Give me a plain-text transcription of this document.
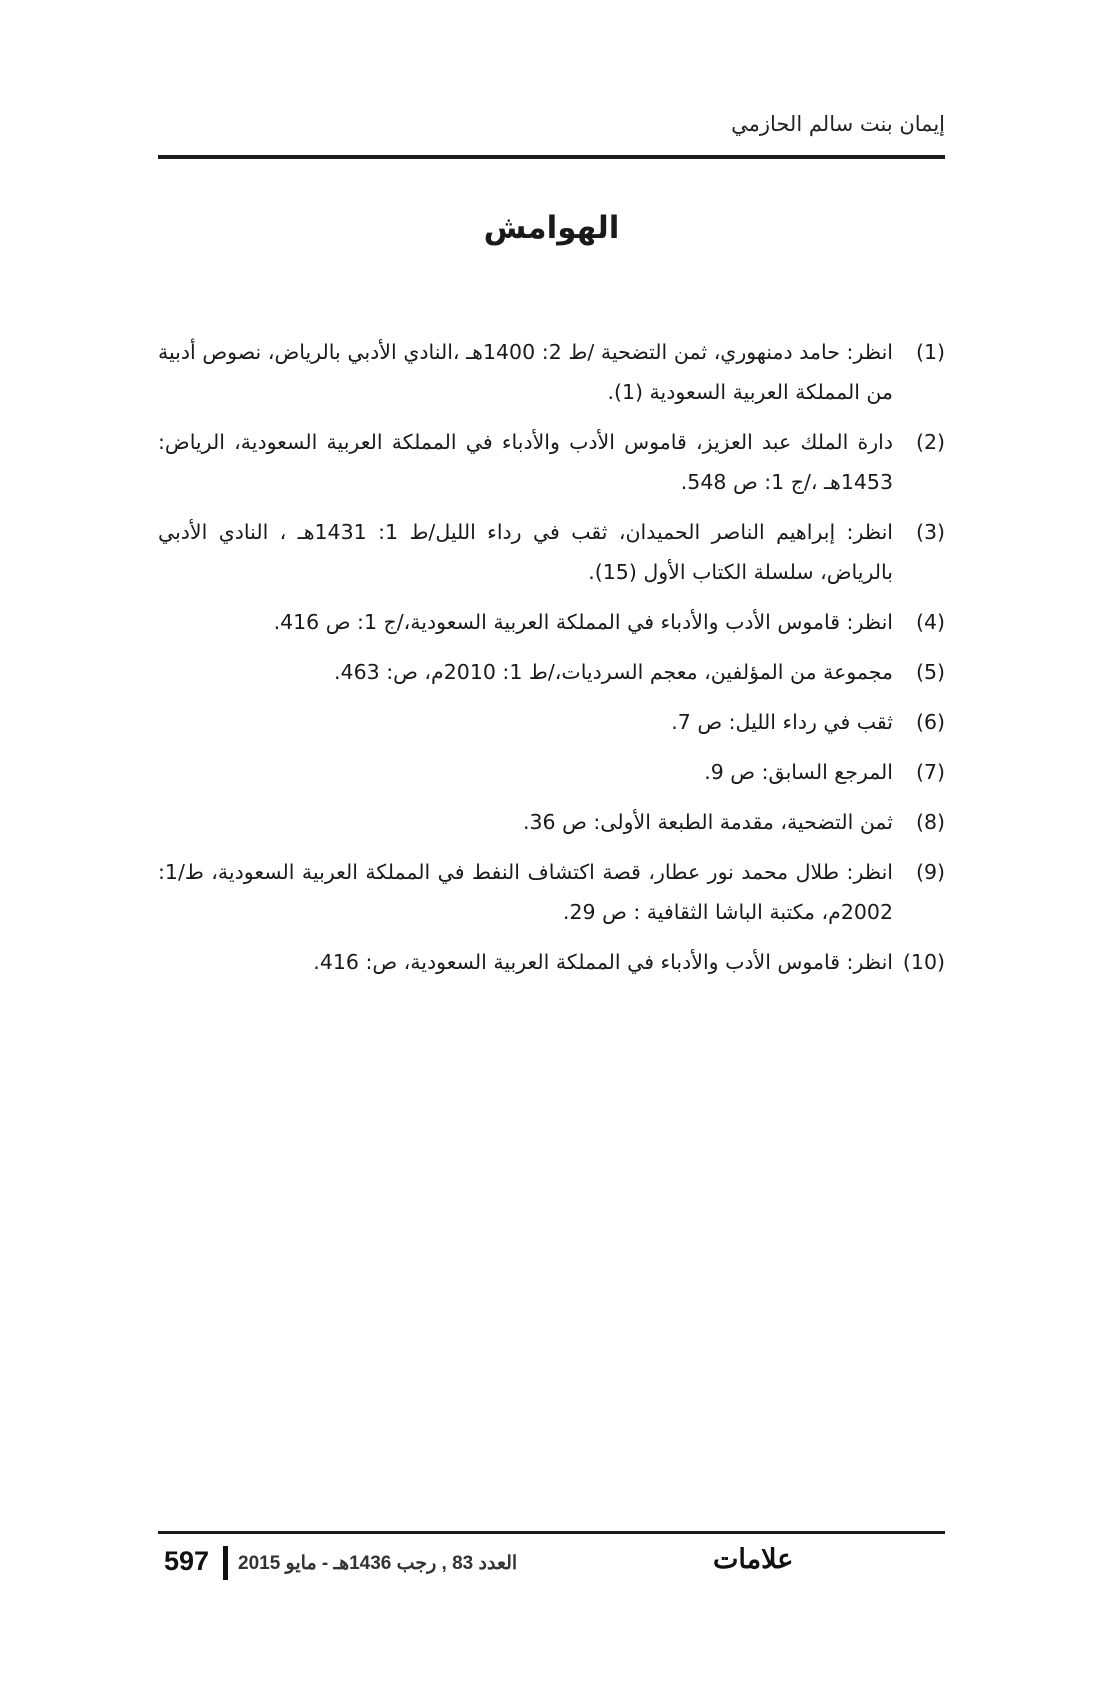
إيمان بنت سالم الحازمي
الهوامش
(1)
انظر: حامد دمنهوري، ثمن التضحية /ط 2: 1400هـ ،النادي الأدبي بالرياض، نصوص أدبية من المملكة العربية السعودية (1).
(2)
دارة الملك عبد العزيز، قاموس الأدب والأدباء في المملكة العربية السعودية، الرياض: 1453هـ ،/ج 1: ص 548.
(3)
انظر: إبراهيم الناصر الحميدان، ثقب في رداء الليل/ط 1: 1431هـ ، النادي الأدبي بالرياض، سلسلة الكتاب الأول (15).
(4)
انظر: قاموس الأدب والأدباء في المملكة العربية السعودية،/ج 1: ص 416.
(5)
مجموعة من المؤلفين، معجم السرديات،/ط 1: 2010م، ص: 463.
(6)
ثقب في رداء الليل: ص 7.
(7)
المرجع السابق: ص 9.
(8)
ثمن التضحية، مقدمة الطبعة الأولى: ص 36.
(9)
انظر: طلال محمد نور عطار، قصة اكتشاف النفط في المملكة العربية السعودية، ط/1: 2002م، مكتبة الباشا الثقافية : ص 29.
(10)
انظر: قاموس الأدب والأدباء في المملكة العربية السعودية، ص: 416.
597 العدد 83 , رجب 1436هـ - مايو 2015	علامات
